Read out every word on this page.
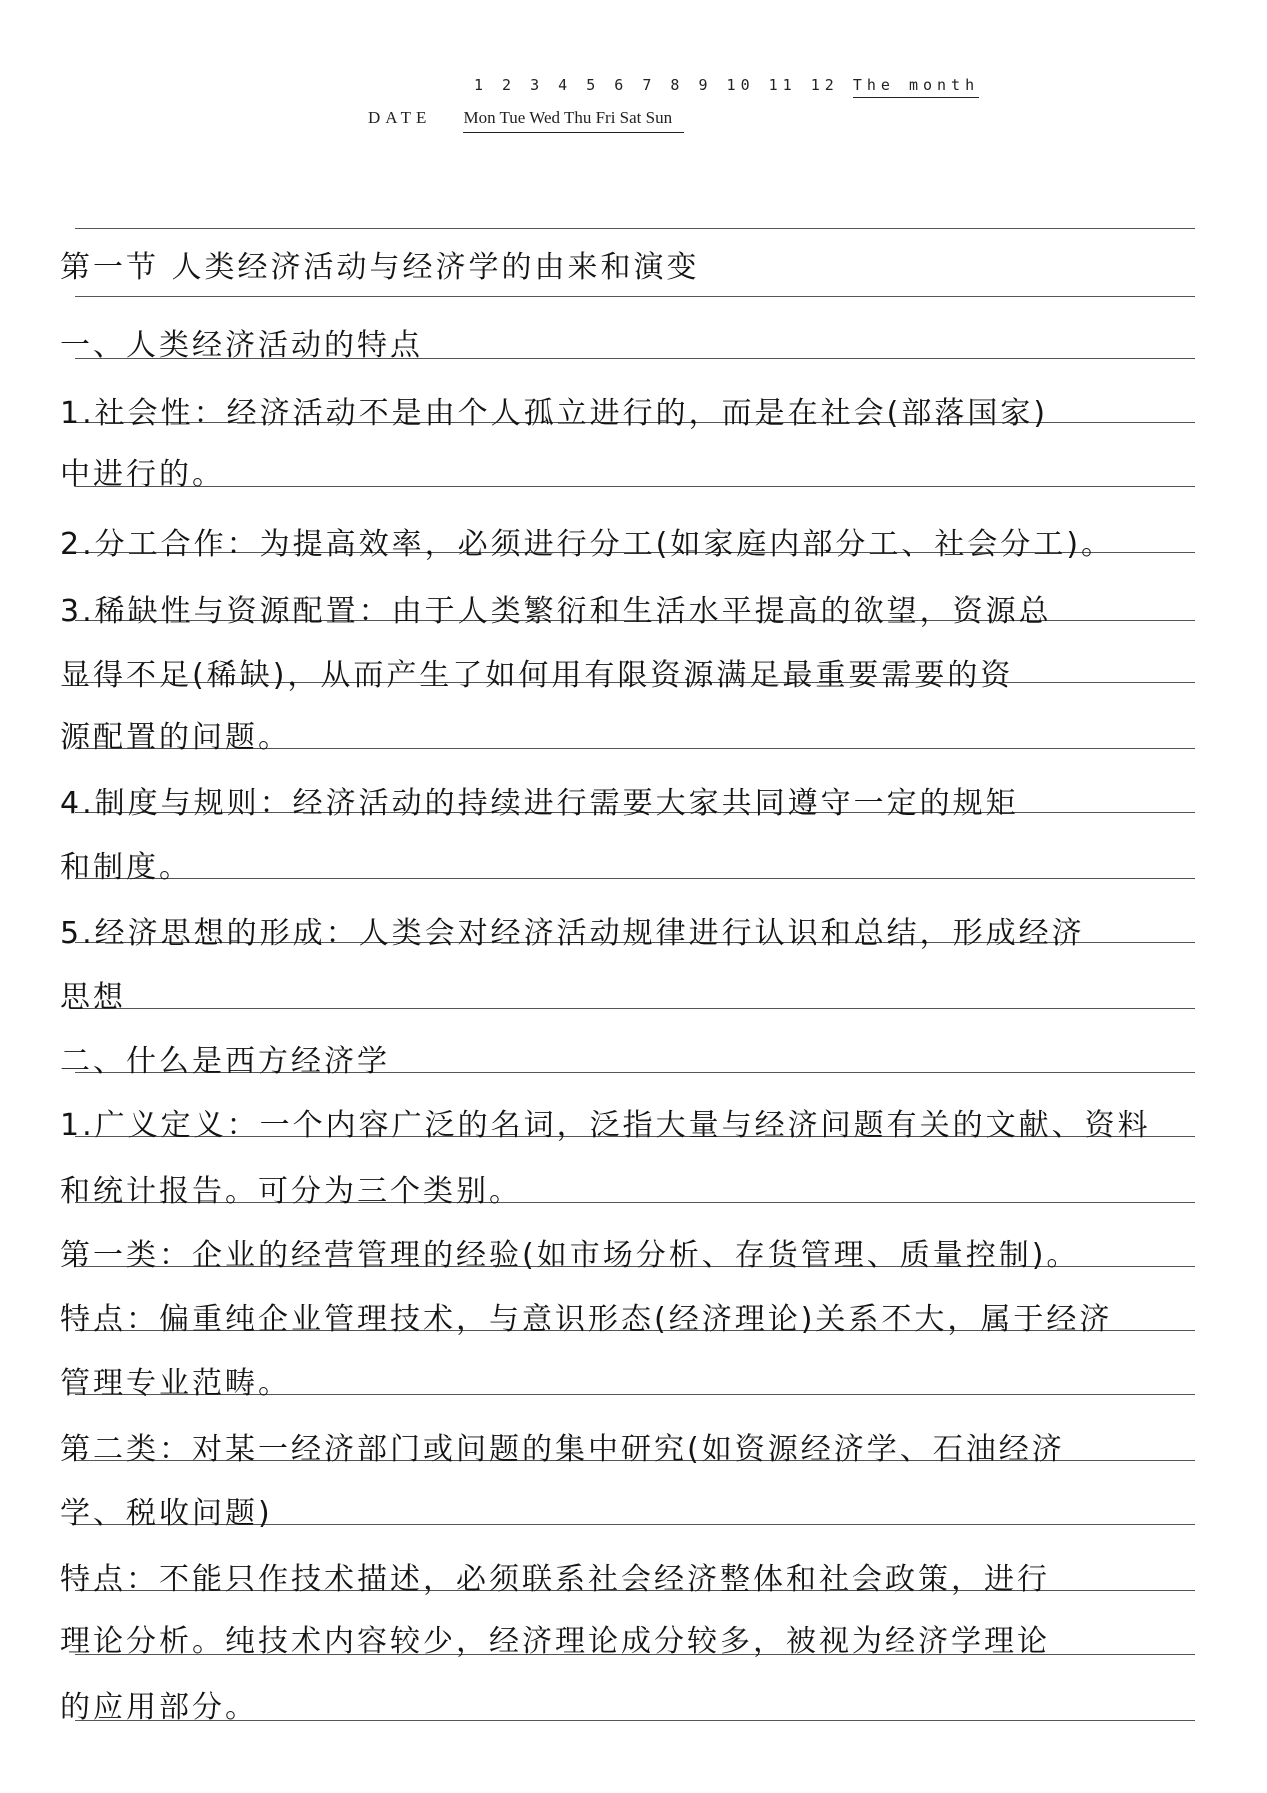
1 2 3 4 5 6 7 8 9 10 11 12 The month
DATE Mon Tue Wed Thu Fri Sat Sun
第一节 人类经济活动与经济学的由来和演变
一、人类经济活动的特点
1.社会性：经济活动不是由个人孤立进行的，而是在社会(部落国家)
中进行的。
2.分工合作：为提高效率，必须进行分工(如家庭内部分工、社会分工)。
3.稀缺性与资源配置：由于人类繁衍和生活水平提高的欲望，资源总
显得不足(稀缺)，从而产生了如何用有限资源满足最重要需要的资
源配置的问题。
4.制度与规则：经济活动的持续进行需要大家共同遵守一定的规矩
和制度。
5.经济思想的形成：人类会对经济活动规律进行认识和总结，形成经济
思想
二、什么是西方经济学
1.广义定义：一个内容广泛的名词，泛指大量与经济问题有关的文献、资料
和统计报告。可分为三个类别。
第一类：企业的经营管理的经验(如市场分析、存货管理、质量控制)。
特点：偏重纯企业管理技术，与意识形态(经济理论)关系不大，属于经济
管理专业范畴。
第二类：对某一经济部门或问题的集中研究(如资源经济学、石油经济
学、税收问题)
特点：不能只作技术描述，必须联系社会经济整体和社会政策，进行
理论分析。纯技术内容较少，经济理论成分较多，被视为经济学理论
的应用部分。
